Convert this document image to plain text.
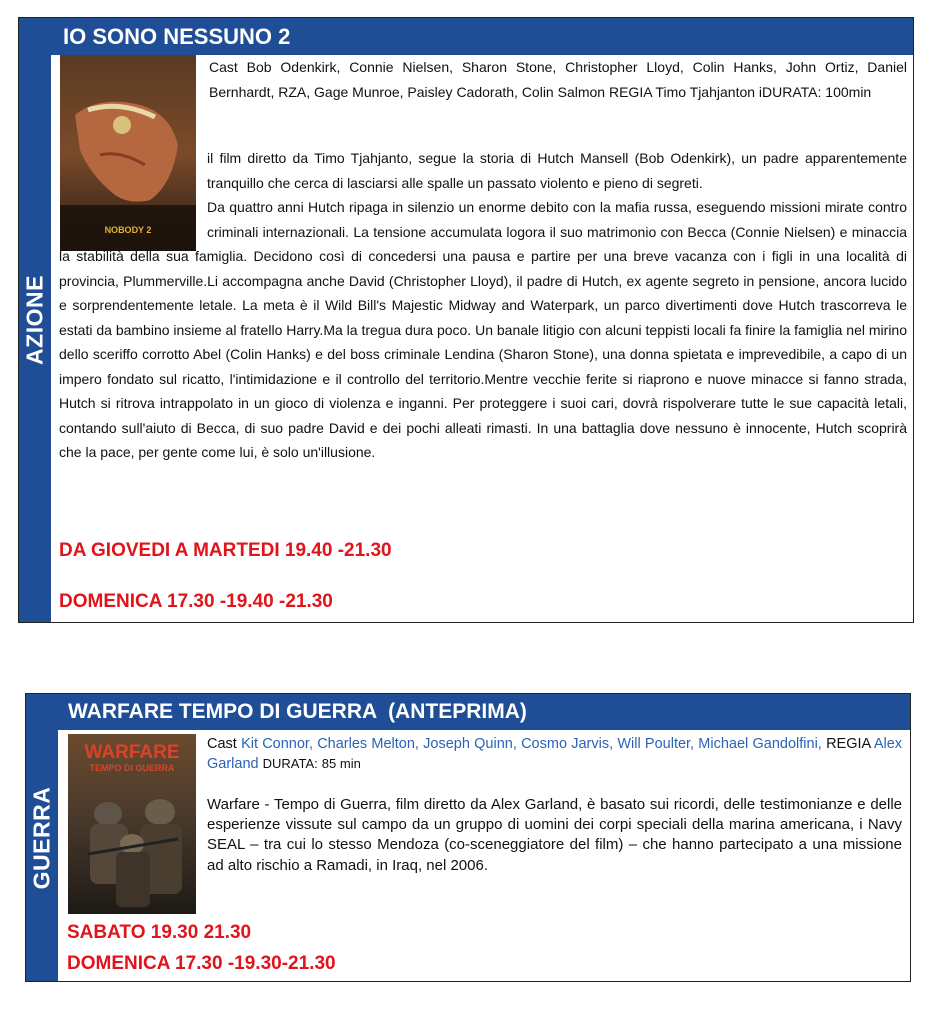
AZIONE
IO SONO NESSUNO 2
NOBODY 2
Cast Bob Odenkirk, Connie Nielsen, Sharon Stone, Christopher Lloyd, Colin Hanks, John Ortiz, Daniel Bernhardt, RZA, Gage Munroe, Paisley Cadorath, Colin Salmon REGIA Timo Tjahjanton iDURATA: 100min

il film diretto da Timo Tjahjanto, segue la storia di Hutch Mansell (Bob Odenkirk), un padre apparentemente tranquillo che cerca di lasciarsi alle spalle un passato violento e pieno di segreti.

Da quattro anni Hutch ripaga in silenzio un enorme debito con la mafia russa, eseguendo missioni mirate contro criminali internazionali. La tensione accumulata logora il suo matrimonio con Becca (Connie Nielsen) e minaccia la stabilità della sua famiglia. Decidono così di concedersi una pausa e partire per una breve vacanza con i figli in una località di provincia, Plummerville.Li accompagna anche David (Christopher Lloyd), il padre di Hutch, ex agente segreto in pensione, ancora lucido e sorprendentemente letale. La meta è il Wild Bill's Majestic Midway and Waterpark, un parco divertimenti dove Hutch trascorreva le estati da bambino insieme al fratello Harry.Ma la tregua dura poco. Un banale litigio con alcuni teppisti locali fa finire la famiglia nel mirino dello sceriffo corrotto Abel (Colin Hanks) e del boss criminale Lendina (Sharon Stone), una donna spietata e imprevedibile, a capo di un impero fondato sul ricatto, l'intimidazione e il controllo del territorio.Mentre vecchie ferite si riaprono e nuove minacce si fanno strada, Hutch si ritrova intrappolato in un gioco di violenza e inganni. Per proteggere i suoi cari, dovrà rispolverare tutte le sue capacità letali, contando sull'aiuto di Becca, di suo padre David e dei pochi alleati rimasti. In una battaglia dove nessuno è innocente, Hutch scoprirà che la pace, per gente come lui, è solo un'illusione.

DA GIOVEDI A MARTEDI 19.40 -21.30
DOMENICA 17.30 -19.40 -21.30
GUERRA
WARFARE TEMPO DI GUERRA  (ANTEPRIMA)
WARFARE
TEMPO DI GUERRA
Cast Kit Connor, Charles Melton, Joseph Quinn, Cosmo Jarvis, Will Poulter, Michael Gandolfini, REGIA Alex Garland DURATA: 85 min
Warfare - Tempo di Guerra, film diretto da Alex Garland, è basato sui ricordi, delle testimonianze e delle esperienze vissute sul campo da un gruppo di uomini dei corpi speciali della marina americana, i Navy SEAL – tra cui lo stesso Mendoza (co-sceneggiatore del film) – che hanno partecipato a una missione ad alto rischio a Ramadi, in Iraq, nel 2006.
SABATO 19.30 21.30
DOMENICA 17.30 -19.30-21.30
